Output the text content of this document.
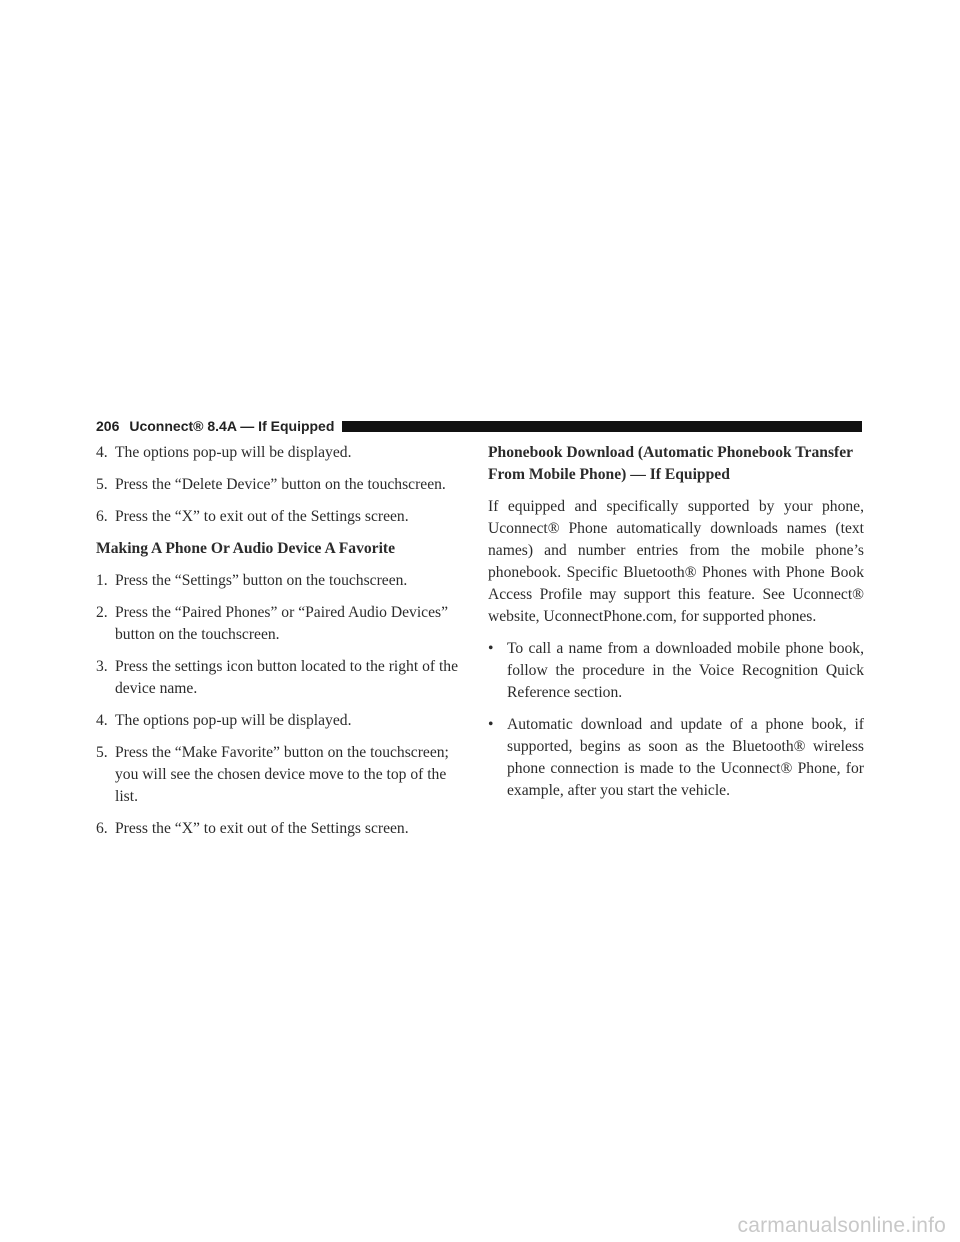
206 Uconnect® 8.4A — If Equipped

4. The options pop-up will be displayed.

5. Press the “Delete Device” button on the touchscreen.

6. Press the “X” to exit out of the Settings screen.

Making A Phone Or Audio Device A Favorite

1. Press the “Settings” button on the touchscreen.

2. Press the “Paired Phones” or “Paired Audio Devices” button on the touchscreen.

3. Press the settings icon button located to the right of the device name.

4. The options pop-up will be displayed.

5. Press the “Make Favorite” button on the touchscreen; you will see the chosen device move to the top of the list.

6. Press the “X” to exit out of the Settings screen.

Phonebook Download (Automatic Phonebook Transfer From Mobile Phone) — If Equipped

If equipped and specifically supported by your phone, Uconnect® Phone automatically downloads names (text names) and number entries from the mobile phone’s phonebook. Specific Bluetooth® Phones with Phone Book Access Profile may support this feature. See Uconnect® website, UconnectPhone.com, for supported phones.

• To call a name from a downloaded mobile phone book, follow the procedure in the Voice Recognition Quick Reference section.

• Automatic download and update of a phone book, if supported, begins as soon as the Bluetooth® wireless phone connection is made to the Uconnect® Phone, for example, after you start the vehicle.

carmanualsonline.info
